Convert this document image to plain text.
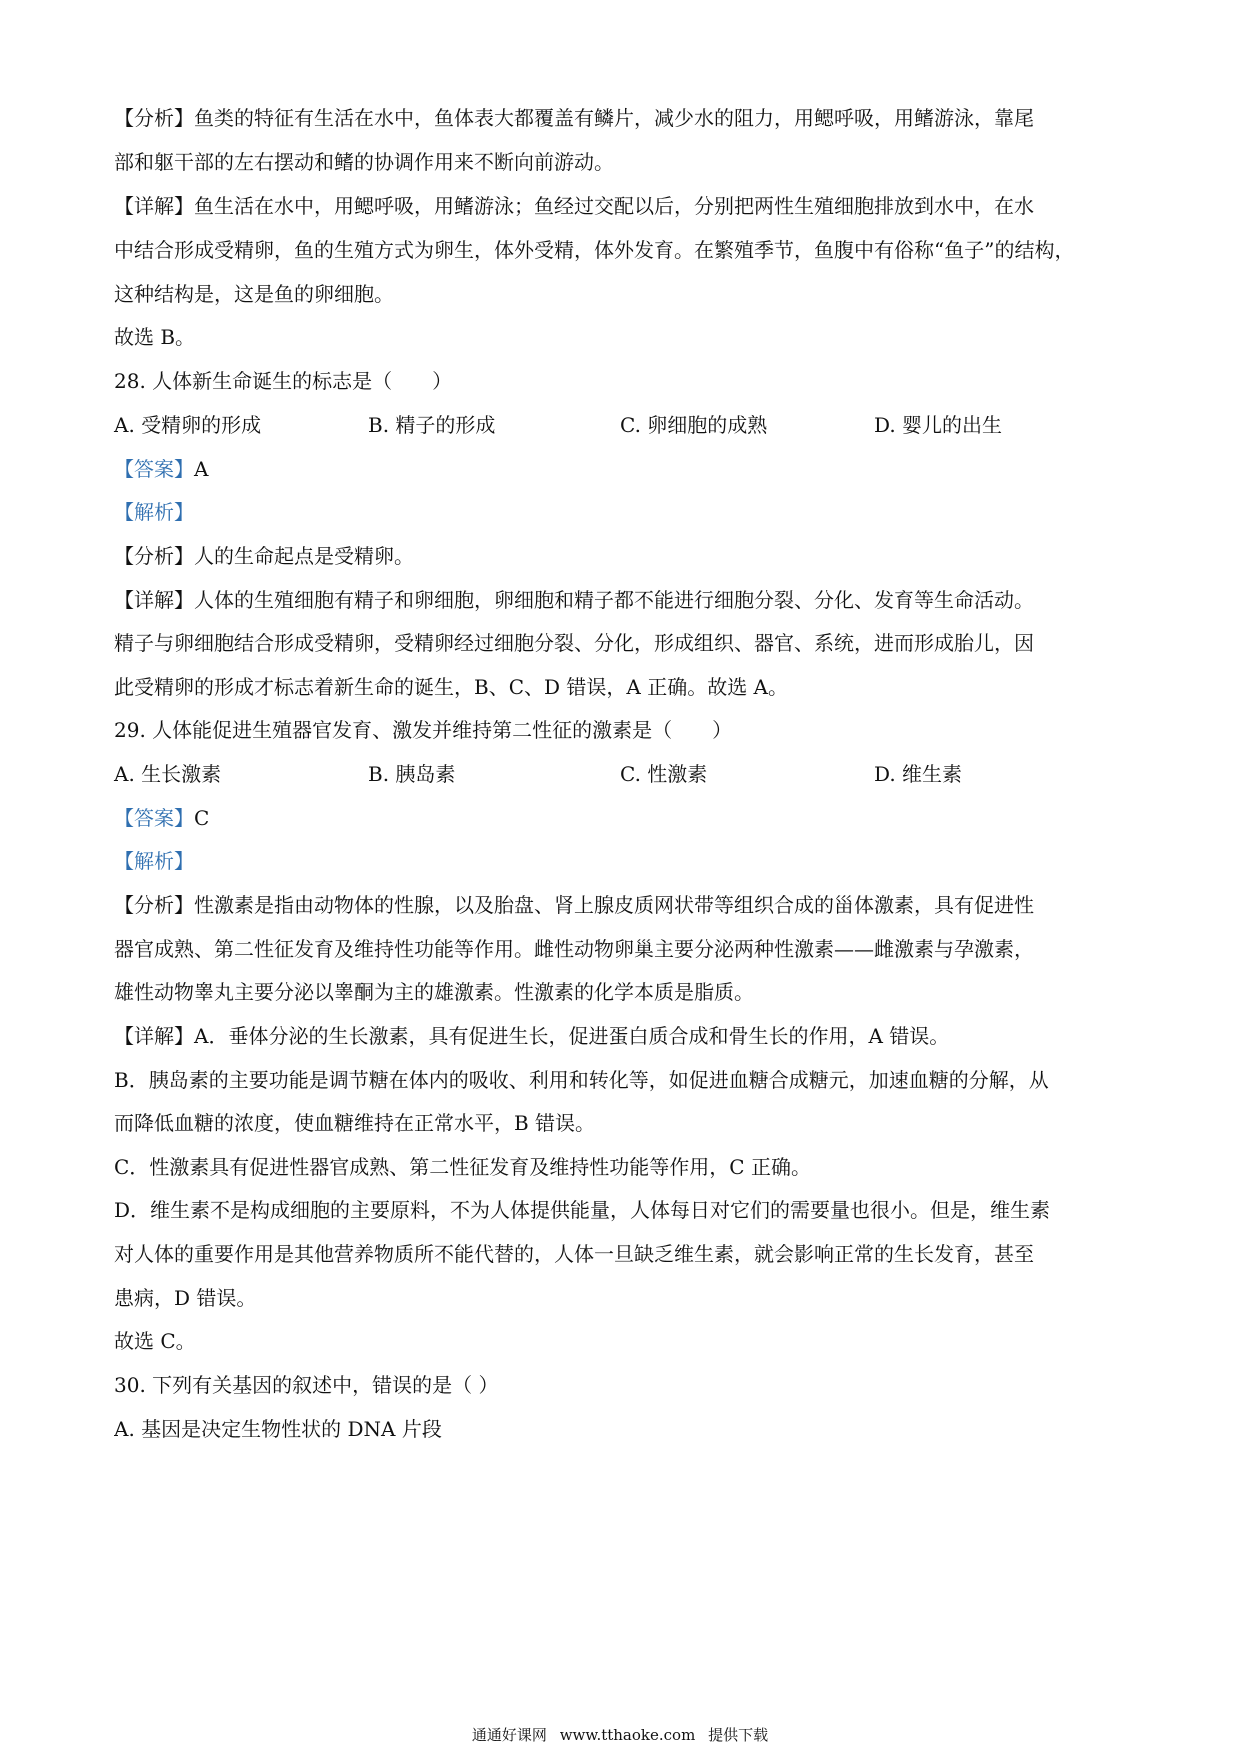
【分析】鱼类的特征有生活在水中，鱼体表大都覆盖有鳞片，减少水的阻力，用鳃呼吸，用鳍游泳，靠尾
部和躯干部的左右摆动和鳍的协调作用来不断向前游动。
【详解】鱼生活在水中，用鳃呼吸，用鳍游泳；鱼经过交配以后，分别把两性生殖细胞排放到水中，在水
中结合形成受精卵，鱼的生殖方式为卵生，体外受精，体外发育。在繁殖季节，鱼腹中有俗称“鱼子”的结构，
这种结构是，这是鱼的卵细胞。
故选 B。
28. 人体新生命诞生的标志是（　　）
A. 受精卵的形成	B. 精子的形成	C. 卵细胞的成熟	D. 婴儿的出生
【答案】A
【解析】
【分析】人的生命起点是受精卵。
【详解】人体的生殖细胞有精子和卵细胞，卵细胞和精子都不能进行细胞分裂、分化、发育等生命活动。
精子与卵细胞结合形成受精卵，受精卵经过细胞分裂、分化，形成组织、器官、系统，进而形成胎儿，因
此受精卵的形成才标志着新生命的诞生，B、C、D 错误，A 正确。故选 A。
29. 人体能促进生殖器官发育、激发并维持第二性征的激素是（　　）
A. 生长激素	B. 胰岛素	C. 性激素	D. 维生素
【答案】C
【解析】
【分析】性激素是指由动物体的性腺，以及胎盘、肾上腺皮质网状带等组织合成的甾体激素，具有促进性
器官成熟、第二性征发育及维持性功能等作用。雌性动物卵巢主要分泌两种性激素——雌激素与孕激素，
雄性动物睾丸主要分泌以睾酮为主的雄激素。性激素的化学本质是脂质。
【详解】A．垂体分泌的生长激素，具有促进生长，促进蛋白质合成和骨生长的作用，A 错误。
B．胰岛素的主要功能是调节糖在体内的吸收、利用和转化等，如促进血糖合成糖元，加速血糖的分解，从
而降低血糖的浓度，使血糖维持在正常水平，B 错误。
C．性激素具有促进性器官成熟、第二性征发育及维持性功能等作用，C 正确。
D．维生素不是构成细胞的主要原料，不为人体提供能量，人体每日对它们的需要量也很小。但是，维生素
对人体的重要作用是其他营养物质所不能代替的，人体一旦缺乏维生素，就会影响正常的生长发育，甚至
患病，D 错误。
故选 C。
30. 下列有关基因的叙述中，错误的是（ ）
A. 基因是决定生物性状的 DNA 片段
通通好课网 www.tthaoke.com 提供下载
